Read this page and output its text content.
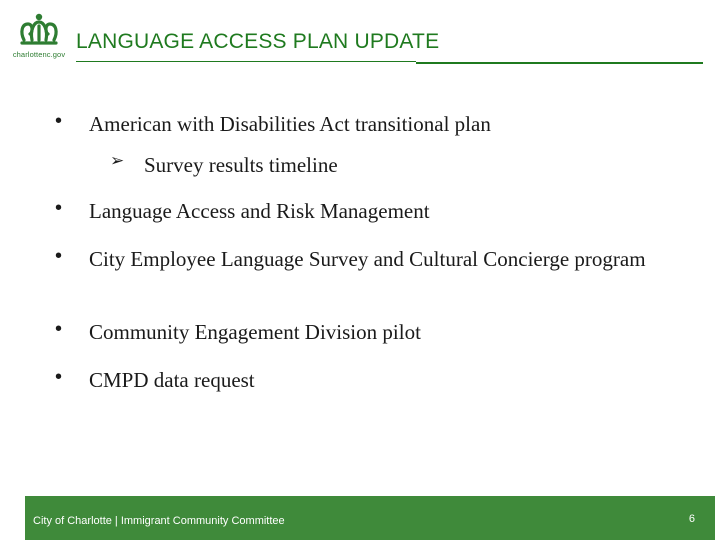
charlottenc.gov
LANGUAGE ACCESS PLAN UPDATE
• American with Disabilities Act transitional plan
➢ Survey results timeline
• Language Access and Risk Management
• City Employee Language Survey and Cultural Concierge program
• Community Engagement Division pilot
• CMPD data request
City of Charlotte | Immigrant Community Committee	6
